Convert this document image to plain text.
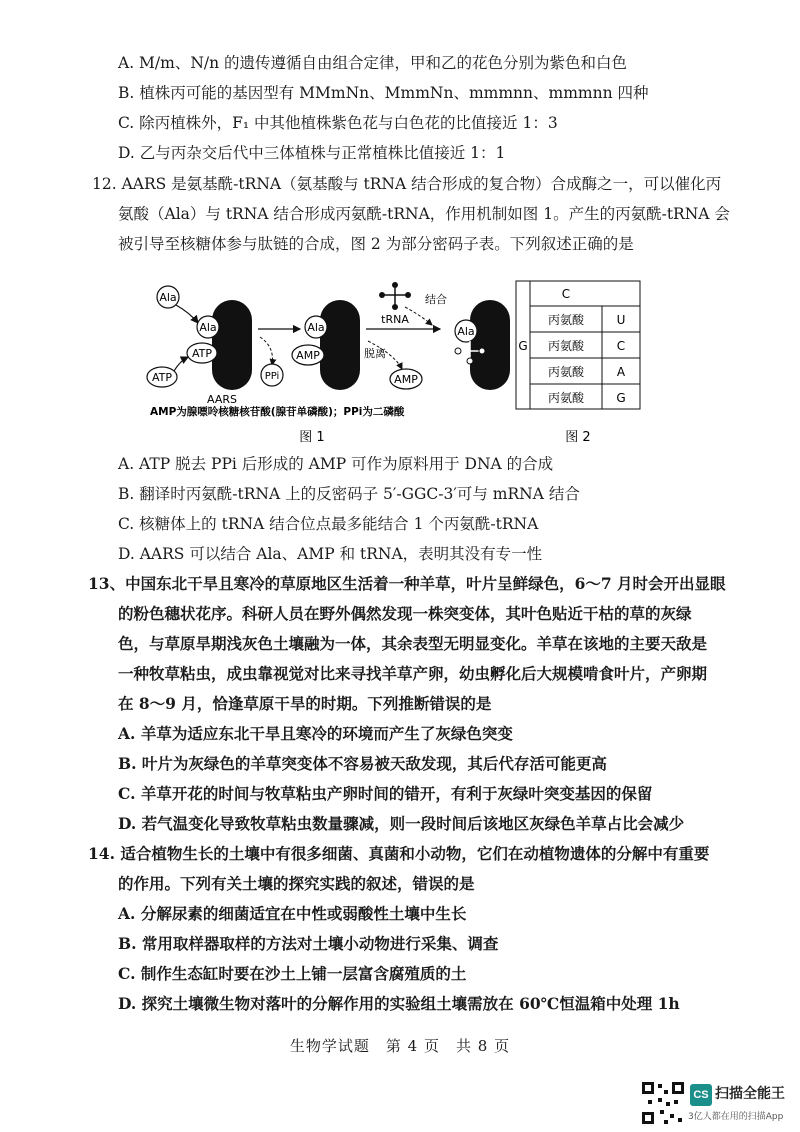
A. M/m、N/n 的遗传遵循自由组合定律，甲和乙的花色分别为紫色和白色
B. 植株丙可能的基因型有 MMmNn、MmmNn、mmmnn、mmmnn 四种
C. 除丙植株外，F₁ 中其他植株紫色花与白色花的比值接近 1：3
D. 乙与丙杂交后代中三体植株与正常植株比值接近 1：1
12. AARS 是氨基酰-tRNA（氨基酸与 tRNA 结合形成的复合物）合成酶之一，可以催化丙
氨酸（Ala）与 tRNA 结合形成丙氨酰-tRNA，作用机制如图 1。产生的丙氨酰-tRNA 会
被引导至核糖体参与肽链的合成，图 2 为部分密码子表。下列叙述正确的是
Ala
Ala
ATP
ATP
AARS
PPi
Ala
AMP
tRNA
结合
脱离
AMP
Ala
AMP为腺嘌呤核糖核苷酸(腺苷单磷酸)；PPi为二磷酸
C
G
丙氨酸	U
丙氨酸	C
丙氨酸	A
丙氨酸	G
图 1	图 2
A. ATP 脱去 PPi 后形成的 AMP 可作为原料用于 DNA 的合成
B. 翻译时丙氨酰-tRNA 上的反密码子 5′-GGC-3′可与 mRNA 结合
C. 核糖体上的 tRNA 结合位点最多能结合 1 个丙氨酰-tRNA
D. AARS 可以结合 Ala、AMP 和 tRNA，表明其没有专一性
13、中国东北干旱且寒冷的草原地区生活着一种羊草，叶片呈鲜绿色，6～7 月时会开出显眼
的粉色穗状花序。科研人员在野外偶然发现一株突变体，其叶色贴近干枯的草的灰绿
色，与草原旱期浅灰色土壤融为一体，其余表型无明显变化。羊草在该地的主要天敌是
一种牧草粘虫，成虫靠视觉对比来寻找羊草产卵，幼虫孵化后大规模啃食叶片，产卵期
在 8～9 月，恰逢草原干旱的时期。下列推断错误的是
A. 羊草为适应东北干旱且寒冷的环境而产生了灰绿色突变
B. 叶片为灰绿色的羊草突变体不容易被天敌发现，其后代存活可能更高
C. 羊草开花的时间与牧草粘虫产卵时间的错开，有利于灰绿叶突变基因的保留
D. 若气温变化导致牧草粘虫数量骤减，则一段时间后该地区灰绿色羊草占比会减少
14. 适合植物生长的土壤中有很多细菌、真菌和小动物，它们在动植物遗体的分解中有重要
的作用。下列有关土壤的探究实践的叙述，错误的是
A. 分解尿素的细菌适宜在中性或弱酸性土壤中生长
B. 常用取样器取样的方法对土壤小动物进行采集、调查
C. 制作生态缸时要在沙土上铺一层富含腐殖质的土
D. 探究土壤微生物对落叶的分解作用的实验组土壤需放在 60℃恒温箱中处理 1h
生物学试题　第 4 页　共 8 页
CS 扫描全能王
3亿人都在用的扫描App
